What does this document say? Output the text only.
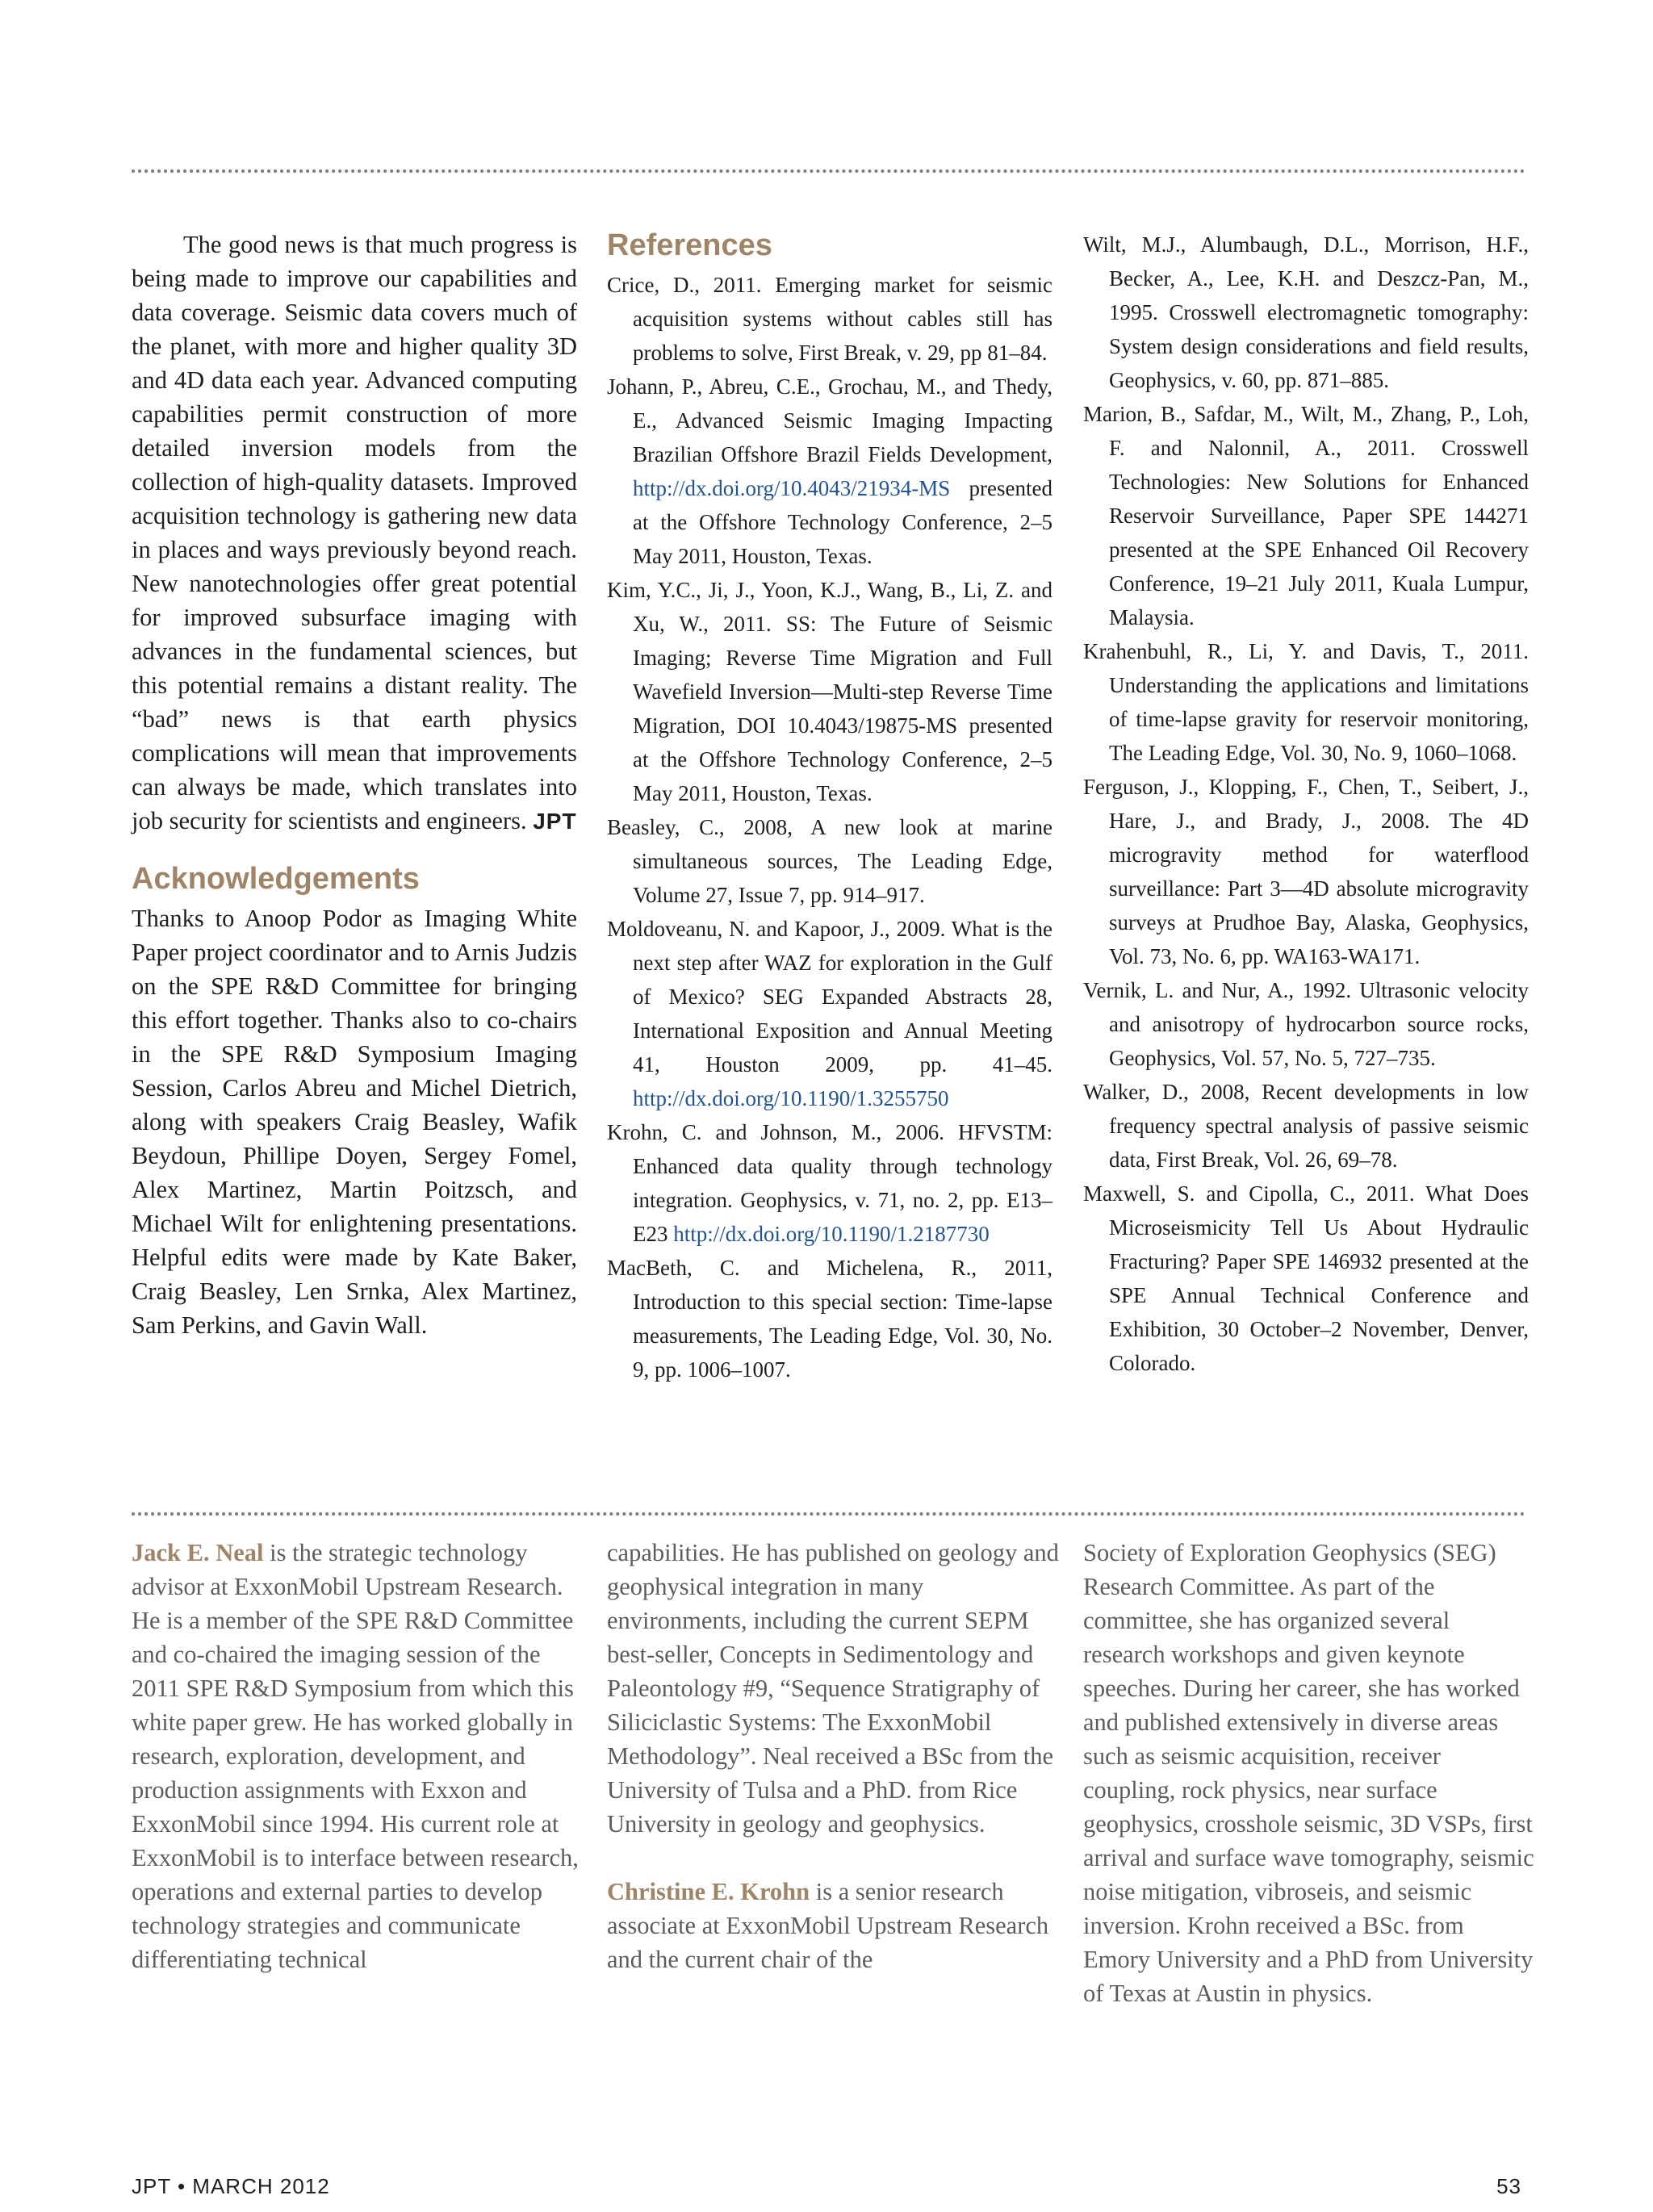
The good news is that much progress is being made to improve our capabilities and data coverage. Seismic data covers much of the planet, with more and higher quality 3D and 4D data each year. Advanced computing capabilities permit construction of more detailed inversion models from the collection of high-quality datasets. Improved acquisition technology is gathering new data in places and ways previously beyond reach. New nanotechnologies offer great potential for improved subsurface imaging with advances in the fundamental sciences, but this potential remains a distant reality. The “bad” news is that earth physics complications will mean that improvements can always be made, which translates into job security for scientists and engineers. JPT

Acknowledgements

Thanks to Anoop Podor as Imaging White Paper project coordinator and to Arnis Judzis on the SPE R&D Committee for bringing this effort together. Thanks also to co-chairs in the SPE R&D Symposium Imaging Session, Carlos Abreu and Michel Dietrich, along with speakers Craig Beasley, Wafik Beydoun, Phillipe Doyen, Sergey Fomel, Alex Martinez, Martin Poitzsch, and Michael Wilt for enlightening presentations. Helpful edits were made by Kate Baker, Craig Beasley, Len Srnka, Alex Martinez, Sam Perkins, and Gavin Wall.

References

Crice, D., 2011. Emerging market for seismic acquisition systems without cables still has problems to solve, First Break, v. 29, pp 81–84.

Johann, P., Abreu, C.E., Grochau, M., and Thedy, E., Advanced Seismic Imaging Impacting Brazilian Offshore Brazil Fields Development, http://dx.doi.org/10.4043/21934-MS presented at the Offshore Technology Conference, 2–5 May 2011, Houston, Texas.

Kim, Y.C., Ji, J., Yoon, K.J., Wang, B., Li, Z. and Xu, W., 2011. SS: The Future of Seismic Imaging; Reverse Time Migration and Full Wavefield Inversion—Multi-step Reverse Time Migration, DOI 10.4043/19875-MS presented at the Offshore Technology Conference, 2–5 May 2011, Houston, Texas.

Beasley, C., 2008, A new look at marine simultaneous sources, The Leading Edge, Volume 27, Issue 7, pp. 914–917.

Moldoveanu, N. and Kapoor, J., 2009. What is the next step after WAZ for exploration in the Gulf of Mexico? SEG Expanded Abstracts 28, International Exposition and Annual Meeting 41, Houston 2009, pp. 41–45. http://dx.doi.org/10.1190/1.3255750

Krohn, C. and Johnson, M., 2006. HFVSTM: Enhanced data quality through technology integration. Geophysics, v. 71, no. 2, pp. E13–E23 http://dx.doi.org/10.1190/1.2187730

MacBeth, C. and Michelena, R., 2011, Introduction to this special section: Time-lapse measurements, The Leading Edge, Vol. 30, No. 9, pp. 1006–1007.

Wilt, M.J., Alumbaugh, D.L., Morrison, H.F., Becker, A., Lee, K.H. and Deszcz-Pan, M., 1995. Crosswell electromagnetic tomography: System design considerations and field results, Geophysics, v. 60, pp. 871–885.

Marion, B., Safdar, M., Wilt, M., Zhang, P., Loh, F. and Nalonnil, A., 2011. Crosswell Technologies: New Solutions for Enhanced Reservoir Surveillance, Paper SPE 144271 presented at the SPE Enhanced Oil Recovery Conference, 19–21 July 2011, Kuala Lumpur, Malaysia.

Krahenbuhl, R., Li, Y. and Davis, T., 2011. Understanding the applications and limitations of time-lapse gravity for reservoir monitoring, The Leading Edge, Vol. 30, No. 9, 1060–1068.

Ferguson, J., Klopping, F., Chen, T., Seibert, J., Hare, J., and Brady, J., 2008. The 4D microgravity method for waterflood surveillance: Part 3—4D absolute microgravity surveys at Prudhoe Bay, Alaska, Geophysics, Vol. 73, No. 6, pp. WA163-WA171.

Vernik, L. and Nur, A., 1992. Ultrasonic velocity and anisotropy of hydrocarbon source rocks, Geophysics, Vol. 57, No. 5, 727–735.

Walker, D., 2008, Recent developments in low frequency spectral analysis of passive seismic data, First Break, Vol. 26, 69–78.

Maxwell, S. and Cipolla, C., 2011. What Does Microseismicity Tell Us About Hydraulic Fracturing? Paper SPE 146932 presented at the SPE Annual Technical Conference and Exhibition, 30 October–2 November, Denver, Colorado.

Jack E. Neal is the strategic technology advisor at ExxonMobil Upstream Research. He is a member of the SPE R&D Committee and co-chaired the imaging session of the 2011 SPE R&D Symposium from which this white paper grew. He has worked globally in research, exploration, development, and production assignments with Exxon and ExxonMobil since 1994. His current role at ExxonMobil is to interface between research, operations and external parties to develop technology strategies and communicate differentiating technical

capabilities. He has published on geology and geophysical integration in many environments, including the current SEPM best-seller, Concepts in Sedimentology and Paleontology #9, “Sequence Stratigraphy of Siliciclastic Systems: The ExxonMobil Methodology”. Neal received a BSc from the University of Tulsa and a PhD. from Rice University in geology and geophysics.

Christine E. Krohn is a senior research associate at ExxonMobil Upstream Research and the current chair of the

Society of Exploration Geophysics (SEG) Research Committee. As part of the committee, she has organized several research workshops and given keynote speeches. During her career, she has worked and published extensively in diverse areas such as seismic acquisition, receiver coupling, rock physics, near surface geophysics, crosshole seismic, 3D VSPs, first arrival and surface wave tomography, seismic noise mitigation, vibroseis, and seismic inversion. Krohn received a BSc. from Emory University and a PhD from University of Texas at Austin in physics.

JPT • MARCH 2012	53
